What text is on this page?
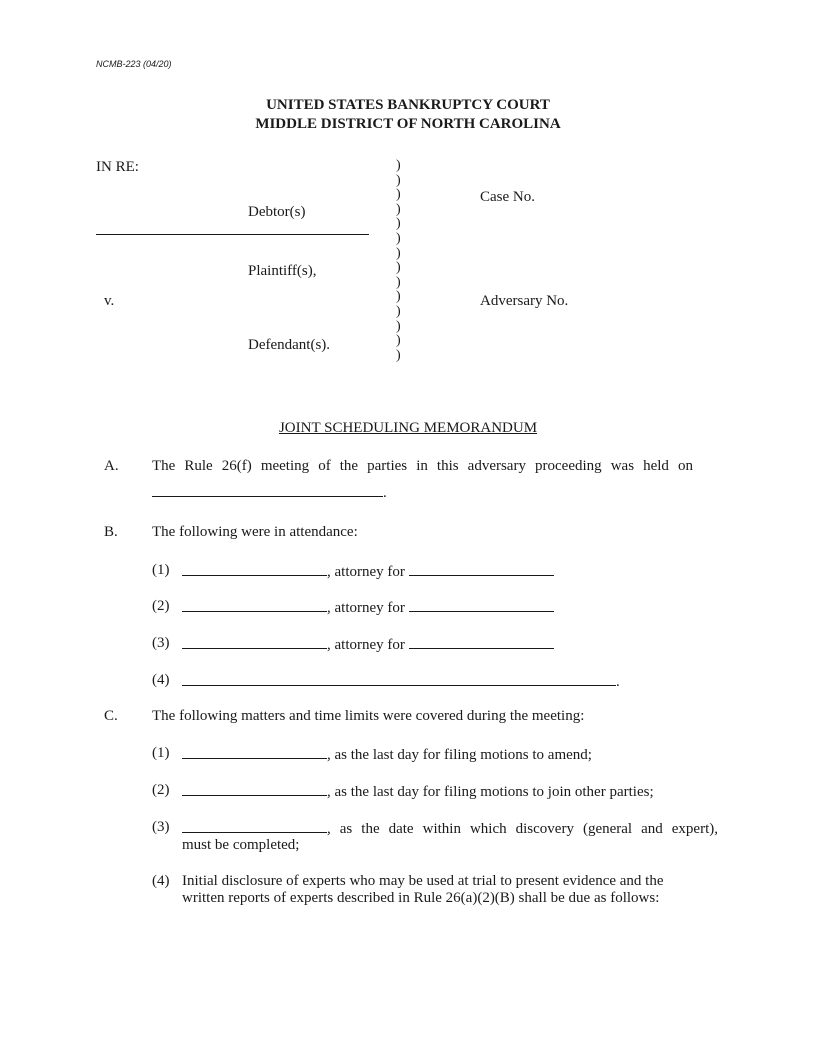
NCMB-223 (04/20)
UNITED STATES BANKRUPTCY COURT
MIDDLE DISTRICT OF NORTH CAROLINA
IN RE:
Debtor(s)
Plaintiff(s),
v.
Defendant(s).
)
)
)
)
)
)
)
)
)
)
)
)
)
)
Case No.
Adversary No.
JOINT SCHEDULING MEMORANDUM
A. The Rule 26(f) meeting of the parties in this adversary proceeding was held on
.
B. The following were in attendance:
(1)	, attorney for
(2)	, attorney for
(3)	, attorney for
(4)	.
C. The following matters and time limits were covered during the meeting:
(1)	, as the last day for filing motions to amend;
(2)	, as the last day for filing motions to join other parties;
(3)	, as the date within which discovery (general and expert),
must be completed;
(4) Initial disclosure of experts who may be used at trial to present evidence and the
written reports of experts described in Rule 26(a)(2)(B) shall be due as follows:
